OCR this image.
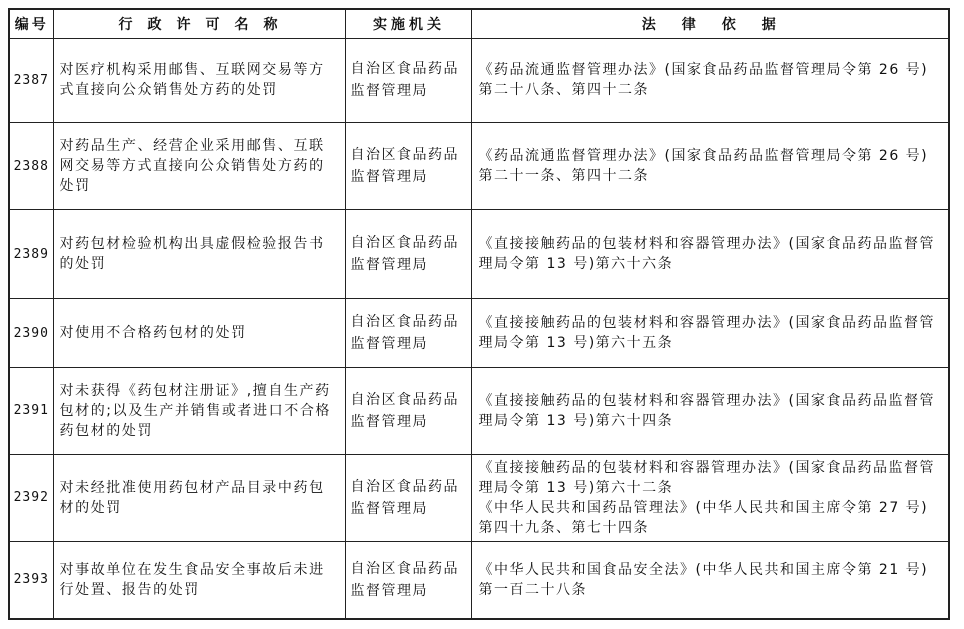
编号	行政许可名称	实施机关	法律依据
2387	对医疗机构采用邮售、互联网交易等方式直接向公众销售处方药的处罚	自治区食品药品监督管理局	《药品流通监督管理办法》(国家食品药品监督管理局令第 26 号)第二十八条、第四十二条

2388	对药品生产、经营企业采用邮售、互联网交易等方式直接向公众销售处方药的处罚	自治区食品药品监督管理局	《药品流通监督管理办法》(国家食品药品监督管理局令第 26 号)第二十一条、第四十二条

2389	对药包材检验机构出具虚假检验报告书的处罚	自治区食品药品监督管理局	《直接接触药品的包装材料和容器管理办法》(国家食品药品监督管理局令第 13 号)第六十六条

2390	对使用不合格药包材的处罚	自治区食品药品监督管理局	《直接接触药品的包装材料和容器管理办法》(国家食品药品监督管理局令第 13 号)第六十五条

2391	对未获得《药包材注册证》,擅自生产药包材的;以及生产并销售或者进口不合格药包材的处罚	自治区食品药品监督管理局	《直接接触药品的包装材料和容器管理办法》(国家食品药品监督管理局令第 13 号)第六十四条

2392	对未经批准使用药包材产品目录中药包材的处罚	自治区食品药品监督管理局	《直接接触药品的包装材料和容器管理办法》(国家食品药品监督管理局令第 13 号)第六十二条
《中华人民共和国药品管理法》(中华人民共和国主席令第 27 号)第四十九条、第七十四条

2393	对事故单位在发生食品安全事故后未进行处置、报告的处罚	自治区食品药品监督管理局	《中华人民共和国食品安全法》(中华人民共和国主席令第 21 号)第一百二十八条
